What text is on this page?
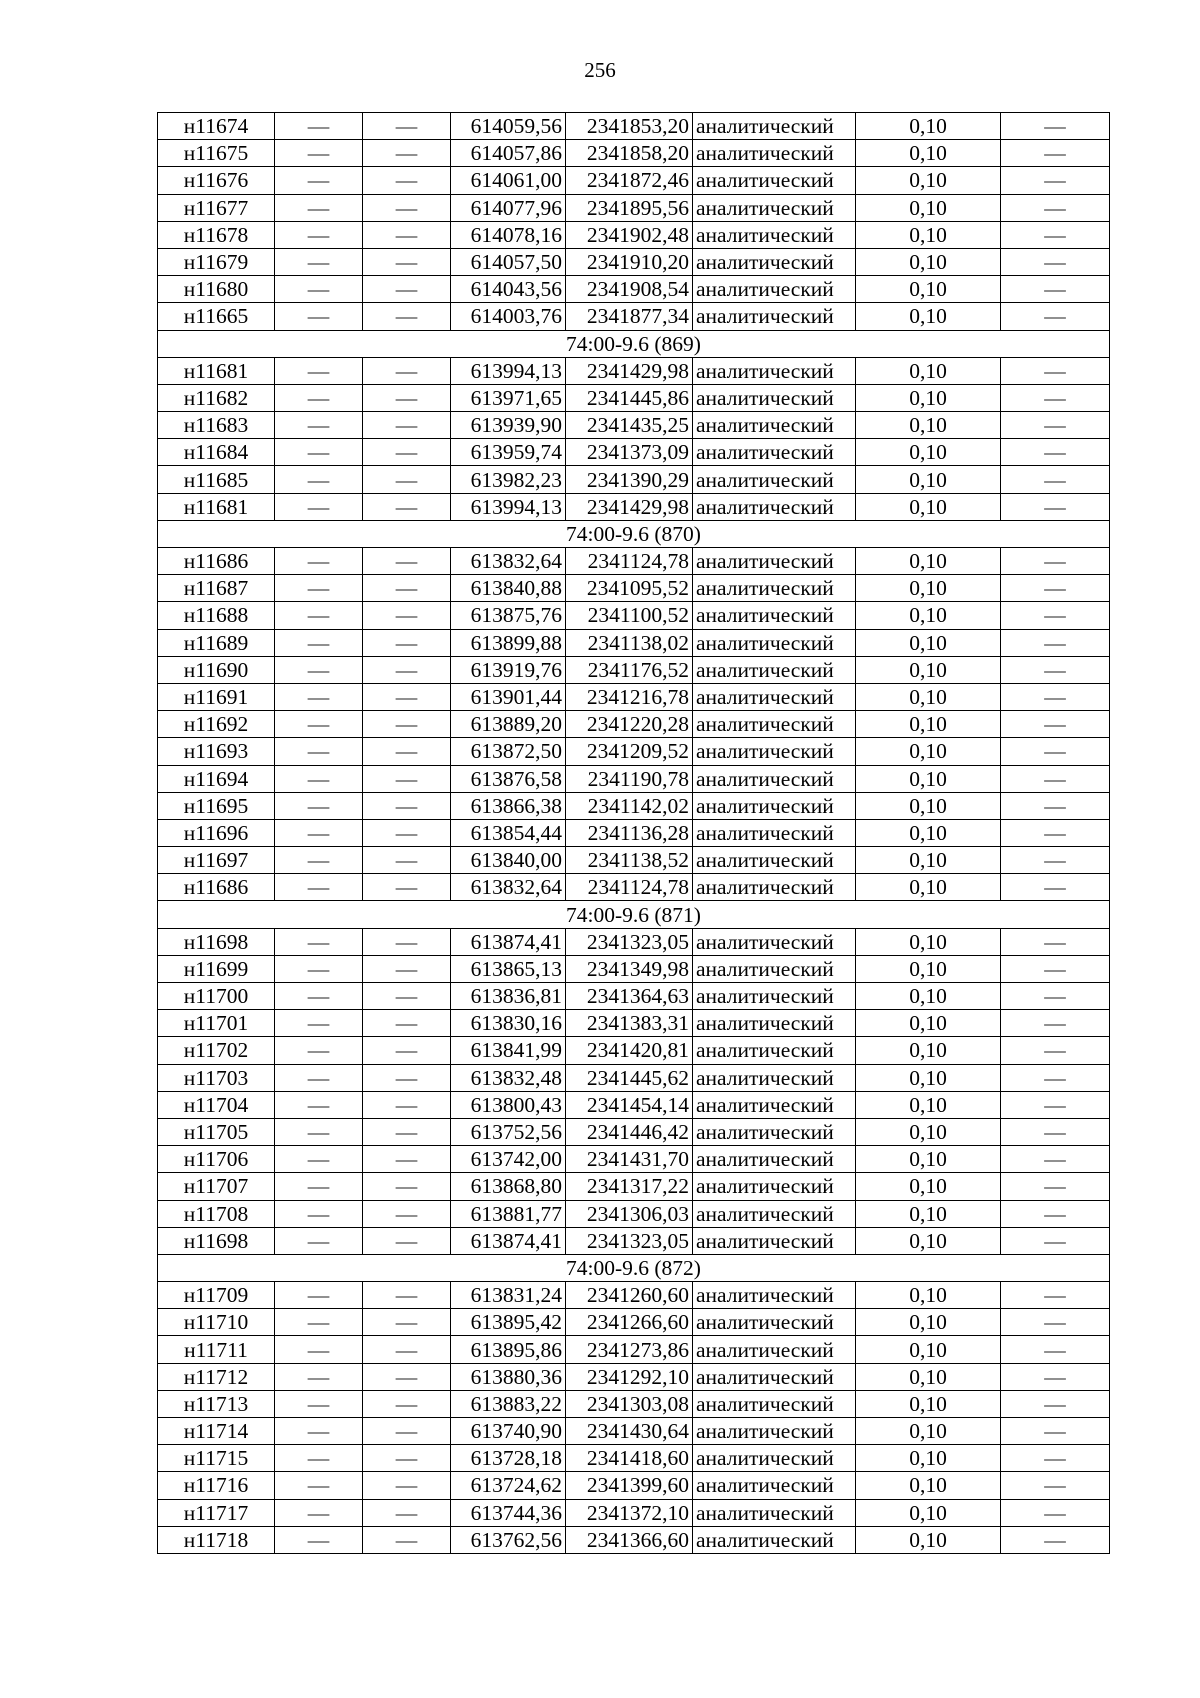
256
н11674	—	—	614059,56	2341853,20	аналитический	0,10	—
н11675	—	—	614057,86	2341858,20	аналитический	0,10	—
н11676	—	—	614061,00	2341872,46	аналитический	0,10	—
н11677	—	—	614077,96	2341895,56	аналитический	0,10	—
н11678	—	—	614078,16	2341902,48	аналитический	0,10	—
н11679	—	—	614057,50	2341910,20	аналитический	0,10	—
н11680	—	—	614043,56	2341908,54	аналитический	0,10	—
н11665	—	—	614003,76	2341877,34	аналитический	0,10	—
74:00-9.6 (869)							
н11681	—	—	613994,13	2341429,98	аналитический	0,10	—
н11682	—	—	613971,65	2341445,86	аналитический	0,10	—
н11683	—	—	613939,90	2341435,25	аналитический	0,10	—
н11684	—	—	613959,74	2341373,09	аналитический	0,10	—
н11685	—	—	613982,23	2341390,29	аналитический	0,10	—
н11681	—	—	613994,13	2341429,98	аналитический	0,10	—
74:00-9.6 (870)							
н11686	—	—	613832,64	2341124,78	аналитический	0,10	—
н11687	—	—	613840,88	2341095,52	аналитический	0,10	—
н11688	—	—	613875,76	2341100,52	аналитический	0,10	—
н11689	—	—	613899,88	2341138,02	аналитический	0,10	—
н11690	—	—	613919,76	2341176,52	аналитический	0,10	—
н11691	—	—	613901,44	2341216,78	аналитический	0,10	—
н11692	—	—	613889,20	2341220,28	аналитический	0,10	—
н11693	—	—	613872,50	2341209,52	аналитический	0,10	—
н11694	—	—	613876,58	2341190,78	аналитический	0,10	—
н11695	—	—	613866,38	2341142,02	аналитический	0,10	—
н11696	—	—	613854,44	2341136,28	аналитический	0,10	—
н11697	—	—	613840,00	2341138,52	аналитический	0,10	—
н11686	—	—	613832,64	2341124,78	аналитический	0,10	—
74:00-9.6 (871)							
н11698	—	—	613874,41	2341323,05	аналитический	0,10	—
н11699	—	—	613865,13	2341349,98	аналитический	0,10	—
н11700	—	—	613836,81	2341364,63	аналитический	0,10	—
н11701	—	—	613830,16	2341383,31	аналитический	0,10	—
н11702	—	—	613841,99	2341420,81	аналитический	0,10	—
н11703	—	—	613832,48	2341445,62	аналитический	0,10	—
н11704	—	—	613800,43	2341454,14	аналитический	0,10	—
н11705	—	—	613752,56	2341446,42	аналитический	0,10	—
н11706	—	—	613742,00	2341431,70	аналитический	0,10	—
н11707	—	—	613868,80	2341317,22	аналитический	0,10	—
н11708	—	—	613881,77	2341306,03	аналитический	0,10	—
н11698	—	—	613874,41	2341323,05	аналитический	0,10	—
74:00-9.6 (872)							
н11709	—	—	613831,24	2341260,60	аналитический	0,10	—
н11710	—	—	613895,42	2341266,60	аналитический	0,10	—
н11711	—	—	613895,86	2341273,86	аналитический	0,10	—
н11712	—	—	613880,36	2341292,10	аналитический	0,10	—
н11713	—	—	613883,22	2341303,08	аналитический	0,10	—
н11714	—	—	613740,90	2341430,64	аналитический	0,10	—
н11715	—	—	613728,18	2341418,60	аналитический	0,10	—
н11716	—	—	613724,62	2341399,60	аналитический	0,10	—
н11717	—	—	613744,36	2341372,10	аналитический	0,10	—
н11718	—	—	613762,56	2341366,60	аналитический	0,10	—
